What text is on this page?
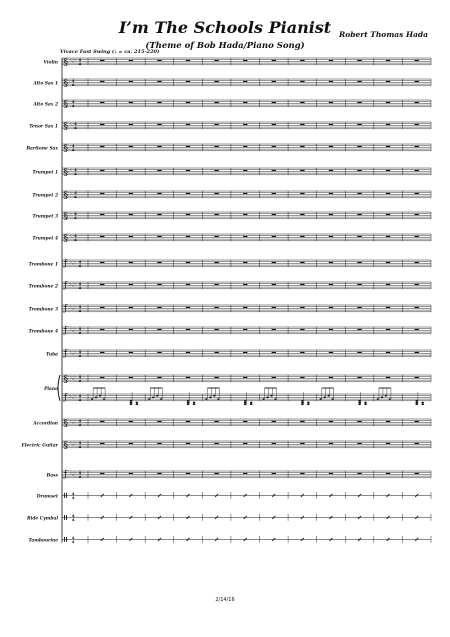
I’m The Schools Pianist
(Theme of Bob Hada/Piano Song)
Robert Thomas Hada
Vivace Fast Swing (♩ = ca. 215-220)
Violin § ♭ ♭ ♭ 4
4
Alto Sax 1 § 4
4
Alto Sax 2 § 4
4
Tenor Sax 1 § ♭ 4
4
Baritone Sax § 4
4
Trumpet 1 § ♭ 4
4
Trumpet 2 § ♭ 4
4
Trumpet 3 § ♭ 4
4
Trumpet 4 § ♭ 4
4
Trombone 1 ƒ ♭ ♭ ♭ 4
4
Trombone 2 ƒ ♭ ♭ ♭ 4
4
Trombone 3 ƒ ♭ ♭ ♭ 4
4
Trombone 4 ƒ ♭ ♭ ♭ 4
4
Tuba ƒ ♭ ♭ ♭ 4
4
Piano
§ ♭ ♭ ♭ 4
4
ƒ ♭ ♭ ♭ 4
4
Accordion § ♭ ♭ ♭ 4
4
Electric Guitar § ♭ ♭ ♭ 4
4
Bass ƒ ♭ ♭ ♭ 4
4
Drumset
4
4
Ride Cymbal
4
4
Tambourine
4
4
2/14/16
